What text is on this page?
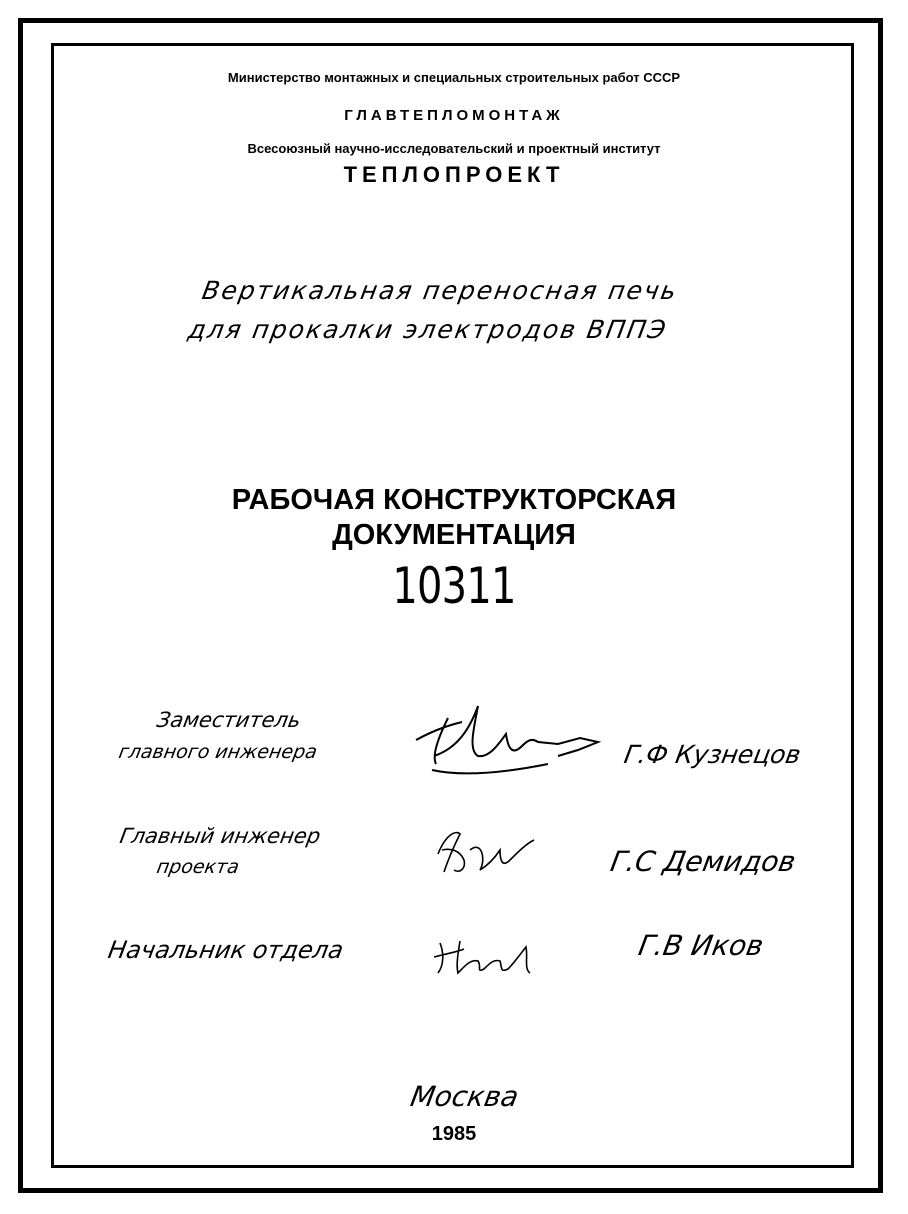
Министерство монтажных и специальных строительных работ СССР
ГЛАВТЕПЛОМОНТАЖ
Всесоюзный научно-исследовательский и проектный институт
ТЕПЛОПРОЕКТ
Вертикальная переносная печь
для прокалки электродов ВППЭ
РАБОЧАЯ КОНСТРУКТОРСКАЯ
ДОКУМЕНТАЦИЯ
10311
Заместитель
главного инженера	Г.Ф Кузнецов
Главный инженер
проекта	Г.С Демидов
Начальник отдела	Г.В Иков
Москва
1985
